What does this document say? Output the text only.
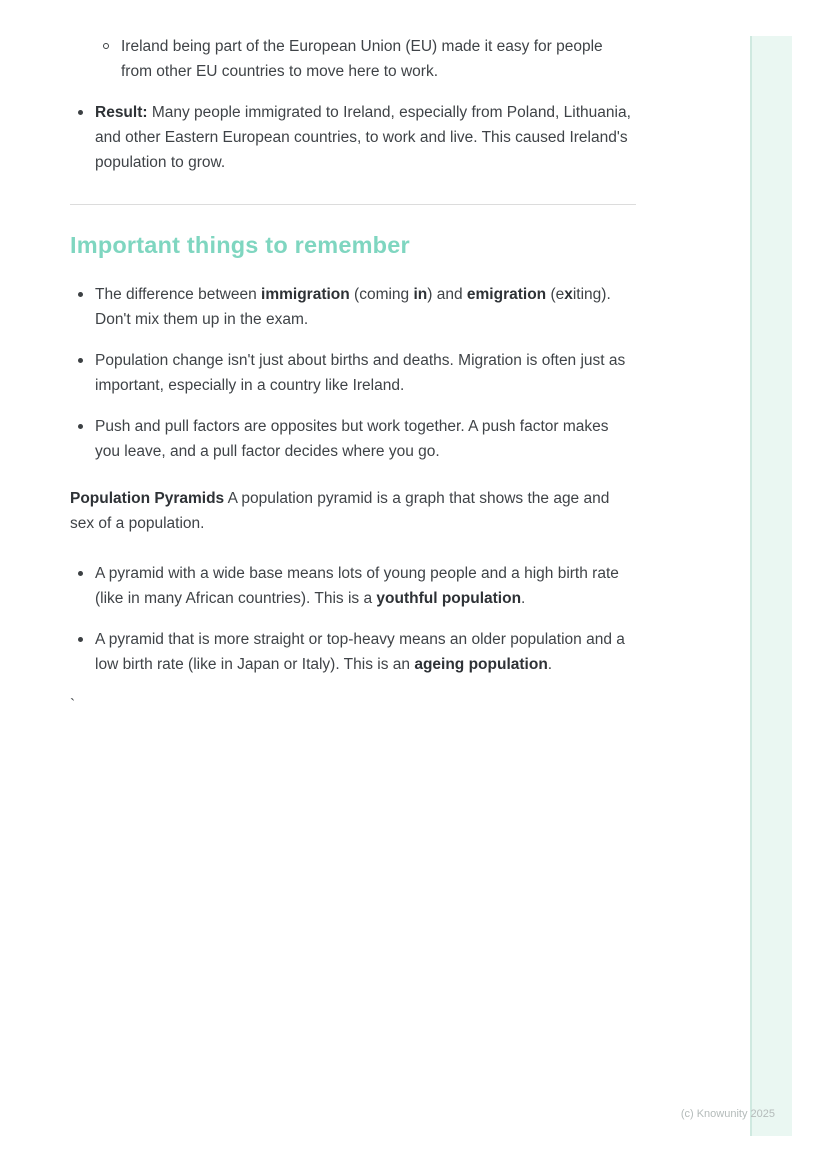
Ireland being part of the European Union (EU) made it easy for people from other EU countries to move here to work.

Result: Many people immigrated to Ireland, especially from Poland, Lithuania, and other Eastern European countries, to work and live. This caused Ireland's population to grow.

Important things to remember

The difference between immigration (coming in) and emigration (exiting). Don't mix them up in the exam.

Population change isn't just about births and deaths. Migration is often just as important, especially in a country like Ireland.

Push and pull factors are opposites but work together. A push factor makes you leave, and a pull factor decides where you go.

Population Pyramids A population pyramid is a graph that shows the age and sex of a population.

A pyramid with a wide base means lots of young people and a high birth rate (like in many African countries). This is a youthful population.

A pyramid that is more straight or top-heavy means an older population and a low birth rate (like in Japan or Italy). This is an ageing population.

`

(c) Knowunity 2025
